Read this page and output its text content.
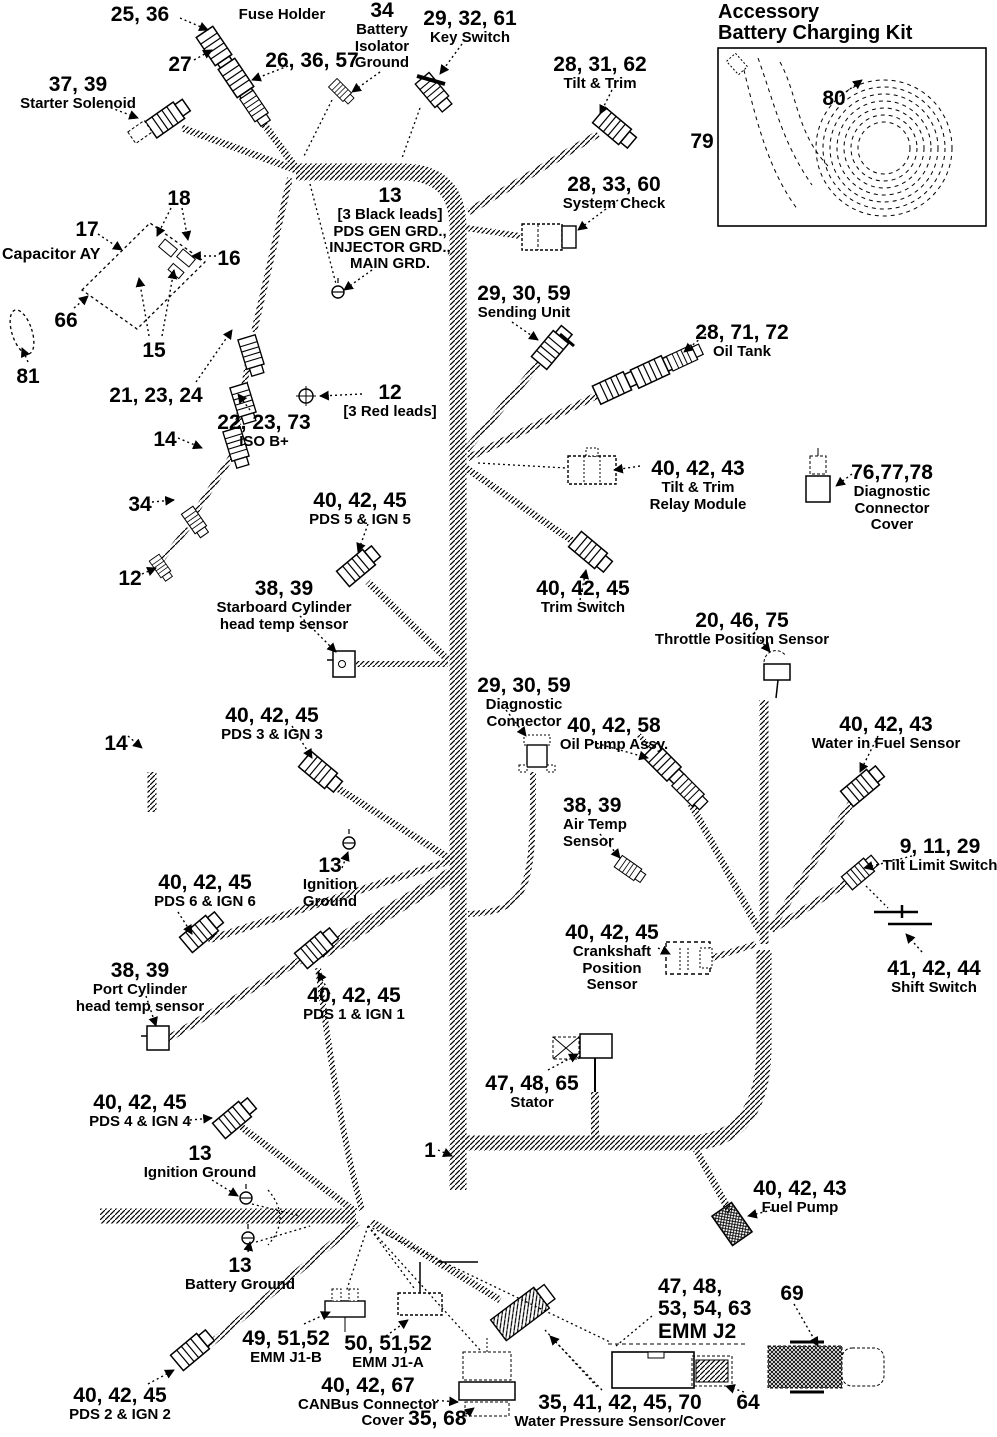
25, 36	Fuse Holder	34
Battery
Isolator
Ground
29, 32, 61
Key Switch
27	26, 36, 57
37, 39
Starter Solenoid
28, 31, 62
Tilt & Trim
Accessory
Battery Charging Kit
79
80
28, 33, 60
System Check
18
17
16
Capacitor AY
13
[3 Black leads]
PDS GEN GRD.,
INJECTOR GRD.,
MAIN GRD.
66
15
81
29, 30, 59
Sending Unit
28, 71, 72
Oil Tank
21, 23, 24	12
[3 Red leads]
22, 23, 73
ISO B+
14
40, 42, 43
Tilt & Trim
Relay Module
76,77,78
Diagnostic
Connector
Cover
34	40, 42, 45
PDS 5 & IGN 5
12	38, 39
Starboard Cylinder
head temp sensor
40, 42, 45
Trim Switch
20, 46, 75
Throttle Position Sensor
29, 30, 59
Diagnostic
Connector
40, 42, 45
PDS 3 & IGN 3	40, 42, 58
Oil Pump Assy.
40, 42, 43
Water in Fuel Sensor
14
38, 39
Air Temp
Sensor	9, 11, 29
Tilt Limit Switch
13
Ignition
Ground
40, 42, 45
PDS 6 & IGN 6
40, 42, 45
Crankshaft
Position
Sensor
41, 42, 44
Shift Switch
38, 39
Port Cylinder
head temp sensor	40, 42, 45
PDS 1 & IGN 1
47, 48, 65
Stator
40, 42, 45
PDS 4 & IGN 4
13
Ignition Ground
1
40, 42, 43
Fuel Pump
13
Battery Ground	47, 48,
53, 54, 63
EMM J2
69
49, 51,52
EMM J1-B
50, 51,52
EMM J1-A
40, 42, 67
CANBus Connector
40, 42, 45
PDS 2 & IGN 2
64
35, 41, 42, 45, 70
Water Pressure Sensor/Cover
Cover 35, 68
